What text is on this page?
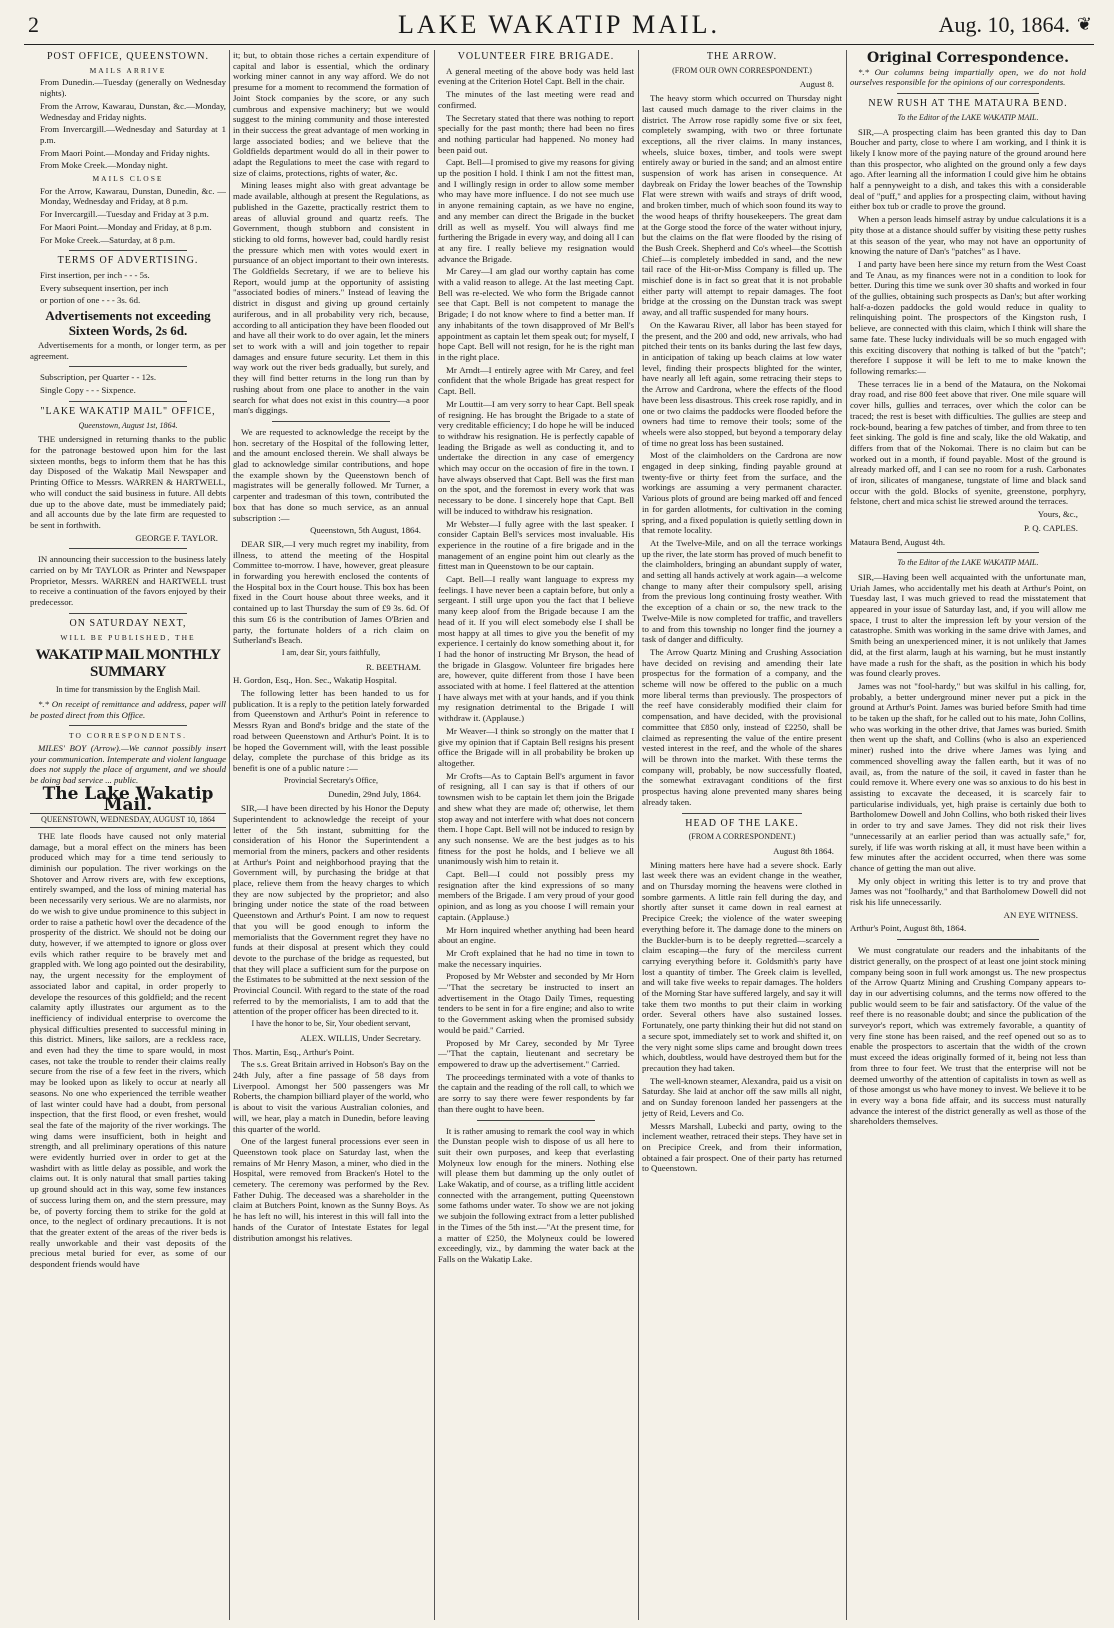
2	LAKE WAKATIP MAIL.	Aug. 10, 1864. ❦
POST OFFICE, QUEENSTOWN.
MAILS ARRIVE

From Dunedin.—Tuesday (generally on Wednesday nights).

From the Arrow, Kawarau, Dunstan, &c.—Monday, Wednesday and Friday nights.

From Invercargill.—Wednesday and Saturday at 1 p.m.

From Maori Point.—Monday and Friday nights.

From Moke Creek.—Monday night.

MAILS CLOSE

For the Arrow, Kawarau, Dunstan, Dunedin, &c. —Monday, Wednesday and Friday, at 8 p.m.

For Invercargill.—Tuesday and Friday at 3 p.m.

For Maori Point.—Monday and Friday, at 8 p.m.

For Moke Creek.—Saturday, at 8 p.m.

TERMS OF ADVERTISING.

First insertion, per inch - - - 5s.

Every subsequent insertion, per inch

or portion of one - - - 3s. 6d.

Advertisements not exceeding Sixteen Words, 2s 6d.

Advertisements for a month, or longer term, as per agreement.

Subscription, per Quarter - - 12s.

Single Copy - - - Sixpence.

"LAKE WAKATIP MAIL" OFFICE,
Queenstown, August 1st, 1864.

THE undersigned in returning thanks to the public for the patronage bestowed upon him for the last sixteen months, begs to inform them that he has this day Disposed of the Wakatip Mail Newspaper and Printing Office to Messrs. WARREN & HARTWELL, who will conduct the said business in future. All debts due up to the above date, must be immediately paid; and all accounts due by the late firm are requested to be sent in forthwith.

GEORGE F. TAYLOR.

IN announcing their succession to the business lately carried on by Mr TAYLOR as Printer and Newspaper Proprietor, Messrs. WARREN and HARTWELL trust to receive a continuation of the favors enjoyed by their predecessor.

ON SATURDAY NEXT,
WILL BE PUBLISHED, THE
WAKATIP MAIL MONTHLY SUMMARY
In time for transmission by the English Mail.

*.* On receipt of remittance and address, paper will be posted direct from this Office.

TO CORRESPONDENTS.

MILES' BOY (Arrow).—We cannot possibly insert your communication. Intemperate and violent language does not supply the place of argument, and we should be doing bad service ... public.

The Lake Wakatip Mail.
QUEENSTOWN, WEDNESDAY, AUGUST 10, 1864

THE late floods have caused not only material damage, but a moral effect on the miners has been produced which may for a time tend seriously to diminish our population. The river workings on the Shotover and Arrow rivers are, with few exceptions, entirely swamped, and the loss of mining material has been necessarily very serious. We are no alarmists, nor do we wish to give undue prominence to this subject in order to raise a pathetic howl over the decadence of the prosperity of the district. We should not be doing our duty, however, if we attempted to ignore or gloss over evils which rather require to be bravely met and grappled with. We long ago pointed out the desirability, nay, the urgent necessity for the employment of associated labor and capital, in order properly to develope the resources of this goldfield; and the recent calamity aptly illustrates our argument as to the inefficiency of individual enterprise to overcome the physical difficulties presented to successful mining in this district. Miners, like sailors, are a reckless race, and even had they the time to spare would, in most cases, not take the trouble to render their claims really secure from the rise of a few feet in the rivers, which may be looked upon as likely to occur at nearly all seasons. No one who experienced the terrible weather of last winter could have had a doubt, from personal inspection, that the first flood, or even freshet, would seal the fate of the majority of the river workings. The wing dams were insufficient, both in height and strength, and all preliminary operations of this nature were evidently hurried over in order to get at the washdirt with as little delay as possible, and work the claims out. It is only natural that small parties taking up ground should act in this way, some few instances of success luring them on, and the stern pressure, may be, of poverty forcing them to strike for the gold at once, to the neglect of ordinary precautions. It is not that the greater extent of the areas of the river beds is really unworkable and their vast deposits of the precious metal buried for ever, as some of our despondent friends would have

it; but, to obtain those riches a certain expenditure of capital and labor is essential, which the ordinary working miner cannot in any way afford. We do not presume for a moment to recommend the formation of Joint Stock companies by the score, or any such cumbrous and expensive machinery; but we would suggest to the mining community and those interested in their success the great advantage of men working in large associated bodies; and we believe that the Goldfields department would do all in their power to adapt the Regulations to meet the case with regard to size of claims, protections, rights of water, &c.

Mining leases might also with great advantage be made available, although at present the Regulations, as published in the Gazette, practically restrict them to areas of alluvial ground and quartz reefs. The Government, though stubborn and consistent in sticking to old forms, however bad, could hardly resist the pressure which men with votes would exert in pursuance of an object important to their own interests. The Goldfields Secretary, if we are to believe his Report, would jump at the opportunity of assisting "associated bodies of miners." Instead of leaving the district in disgust and giving up ground certainly auriferous, and in all probability very rich, because, according to all anticipation they have been flooded out and have all their work to do over again, let the miners set to work with a will and join together to repair damages and ensure future security. Let them in this way work out the river beds gradually, but surely, and they will find better returns in the long run than by rushing about from one place to another in the vain search for what does not exist in this country—a poor man's diggings.

We are requested to acknowledge the receipt by the hon. secretary of the Hospital of the following letter, and the amount enclosed therein. We shall always be glad to acknowledge similar contributions, and hope the example shown by the Queenstown bench of magistrates will be generally followed. Mr Turner, a carpenter and tradesman of this town, contributed the box that has done so much service, as an annual subscription :—

Queenstown, 5th August, 1864.

DEAR SIR,—I very much regret my inability, from illness, to attend the meeting of the Hospital Committee to-morrow. I have, however, great pleasure in forwarding you herewith enclosed the contents of the Hospital box in the Court house. This box has been fixed in the Court house about three weeks, and it contained up to last Thursday the sum of £9 3s. 6d. Of this sum £6 is the contribution of James O'Brien and party, the fortunate holders of a rich claim on Sutherland's Beach.

I am, dear Sir, yours faithfully,
R. BEETHAM.

H. Gordon, Esq., Hon. Sec., Wakatip Hospital.

The following letter has been handed to us for publication. It is a reply to the petition lately forwarded from Queenstown and Arthur's Point in reference to Messrs Ryan and Bond's bridge and the state of the road between Queenstown and Arthur's Point. It is to be hoped the Government will, with the least possible delay, complete the purchase of this bridge as its benefit is one of a public nature :—

Provincial Secretary's Office,
Dunedin, 29nd July, 1864.

SIR,—I have been directed by his Honor the Deputy Superintendent to acknowledge the receipt of your letter of the 5th instant, submitting for the consideration of his Honor the Superintendent a memorial from the miners, packers and other residents at Arthur's Point and neighborhood praying that the Government will, by purchasing the bridge at that place, relieve them from the heavy charges to which they are now subjected by the proprietor; and also bringing under notice the state of the road between Queenstown and Arthur's Point. I am now to request that you will be good enough to inform the memorialists that the Government regret they have no funds at their disposal at present which they could devote to the purchase of the bridge as requested, but that they will place a sufficient sum for the purpose on the Estimates to be submitted at the next session of the Provincial Council. With regard to the state of the road referred to by the memorialists, I am to add that the attention of the proper officer has been directed to it.

I have the honor to be, Sir, Your obedient servant,
ALEX. WILLIS, Under Secretary.

Thos. Martin, Esq., Arthur's Point.

The s.s. Great Britain arrived in Hobson's Bay on the 24th July, after a fine passage of 58 days from Liverpool. Amongst her 500 passengers was Mr Roberts, the champion billiard player of the world, who is about to visit the various Australian colonies, and will, we hear, play a match in Dunedin, before leaving this quarter of the world.

One of the largest funeral processions ever seen in Queenstown took place on Saturday last, when the remains of Mr Henry Mason, a miner, who died in the Hospital, were removed from Bracken's Hotel to the cemetery. The ceremony was performed by the Rev. Father Duhig. The deceased was a shareholder in the claim at Butchers Point, known as the Sunny Boys. As he has left no will, his interest in this will fall into the hands of the Curator of Intestate Estates for legal distribution amongst his relatives.

VOLUNTEER FIRE BRIGADE.

A general meeting of the above body was held last evening at the Criterion Hotel Capt. Bell in the chair.

The minutes of the last meeting were read and confirmed.

The Secretary stated that there was nothing to report specially for the past month; there had been no fires and nothing particular had happened. No money had been paid out.

Capt. Bell—I promised to give my reasons for giving up the position I hold. I think I am not the fittest man, and I willingly resign in order to allow some member who may have more influence. I do not see much use in anyone remaining captain, as we have no engine, and any member can direct the Brigade in the bucket drill as well as myself. You will always find me furthering the Brigade in every way, and doing all I can at any fire. I really believe my resignation would advance the Brigade.

Mr Carey—I am glad our worthy captain has come with a valid reason to allege. At the last meeting Capt. Bell was re-elected. We who form the Brigade cannot see that Capt. Bell is not competent to manage the Brigade; I do not know where to find a better man. If any inhabitants of the town disapproved of Mr Bell's appointment as captain let them speak out; for myself, I hope Capt. Bell will not resign, for he is the right man in the right place.

Mr Arndt—I entirely agree with Mr Carey, and feel confident that the whole Brigade has great respect for Capt. Bell.

Mr Louttit—I am very sorry to hear Capt. Bell speak of resigning. He has brought the Brigade to a state of very creditable efficiency; I do hope he will be induced to withdraw his resignation. He is perfectly capable of leading the Brigade as well as conducting it, and to undertake the direction in any case of emergency which may occur on the occasion of fire in the town. I have always observed that Capt. Bell was the first man on the spot, and the foremost in every work that was necessary to be done. I sincerely hope that Capt. Bell will be induced to withdraw his resignation.

Mr Webster—I fully agree with the last speaker. I consider Captain Bell's services most invaluable. His experience in the routine of a fire brigade and in the management of an engine point him out clearly as the fittest man in Queenstown to be our captain.

Capt. Bell—I really want language to express my feelings. I have never been a captain before, but only a sergeant. I still urge upon you the fact that I believe many keep aloof from the Brigade because I am the head of it. If you will elect somebody else I shall be most happy at all times to give you the benefit of my experience. I certainly do know something about it, for I had the honor of instructing Mr Bryson, the head of the brigade in Glasgow. Volunteer fire brigades here are, however, quite different from those I have been associated with at home. I feel flattered at the attention I have always met with at your hands, and if you think my resignation detrimental to the Brigade I will withdraw it. (Applause.)

Mr Weaver—I think so strongly on the matter that I give my opinion that if Captain Bell resigns his present office the Brigade will in all probability be broken up altogether.

Mr Crofts—As to Captain Bell's argument in favor of resigning, all I can say is that if others of our townsmen wish to be captain let them join the Brigade and shew what they are made of; otherwise, let them stop away and not interfere with what does not concern them. I hope Capt. Bell will not be induced to resign by any such nonsense. We are the best judges as to his fitness for the post he holds, and I believe we all unanimously wish him to retain it.

Capt. Bell—I could not possibly press my resignation after the kind expressions of so many members of the Brigade. I am very proud of your good opinion, and as long as you choose I will remain your captain. (Applause.)

Mr Horn inquired whether anything had been heard about an engine.

Mr Croft explained that he had no time in town to make the necessary inquiries.

Proposed by Mr Webster and seconded by Mr Horn—"That the secretary be instructed to insert an advertisement in the Otago Daily Times, requesting tenders to be sent in for a fire engine; and also to write to the Government asking when the promised subsidy would be paid." Carried.

Proposed by Mr Carey, seconded by Mr Tyree—"That the captain, lieutenant and secretary be empowered to draw up the advertisement." Carried.

The proceedings terminated with a vote of thanks to the captain and the reading of the roll call, to which we are sorry to say there were fewer respondents by far than there ought to have been.

It is rather amusing to remark the cool way in which the Dunstan people wish to dispose of us all here to suit their own purposes, and keep that everlasting Molyneux low enough for the miners. Nothing else will please them but damming up the only outlet of Lake Wakatip, and of course, as a trifling little accident connected with the arrangement, putting Queenstown some fathoms under water. To show we are not joking we subjoin the following extract from a letter published in the Times of the 5th inst.—"At the present time, for a matter of £250, the Molyneux could be lowered exceedingly, viz., by damming the water back at the Falls on the Wakatip Lake.

THE ARROW.
(FROM OUR OWN CORRESPONDENT.)
August 8.

The heavy storm which occurred on Thursday night last caused much damage to the river claims in the district. The Arrow rose rapidly some five or six feet, completely swamping, with two or three fortunate exceptions, all the river claims. In many instances, wheels, sluice boxes, timber, and tools were swept entirely away or buried in the sand; and an almost entire suspension of work has arisen in consequence. At daybreak on Friday the lower beaches of the Township Flat were strewn with waifs and strays of drift wood, and broken timber, much of which soon found its way to the wood heaps of thrifty housekeepers. The great dam at the Gorge stood the force of the water without injury, but the claims on the flat were flooded by the rising of the Bush Creek. Shepherd and Co's wheel—the Scottish Chief—is completely imbedded in sand, and the new tail race of the Hit-or-Miss Company is filled up. The mischief done is in fact so great that it is not probable either party will attempt to repair damages. The foot bridge at the crossing on the Dunstan track was swept away, and all traffic suspended for many hours.

On the Kawarau River, all labor has been stayed for the present, and the 200 and odd, new arrivals, who had pitched their tents on its banks during the last few days, in anticipation of taking up beach claims at low water level, finding their prospects blighted for the winter, have nearly all left again, some retracing their steps to the Arrow and Cardrona, where the effects of the flood have been less disastrous. This creek rose rapidly, and in one or two claims the paddocks were flooded before the owners had time to remove their tools; some of the wheels were also stopped, but beyond a temporary delay of time no great loss has been sustained.

Most of the claimholders on the Cardrona are now engaged in deep sinking, finding payable ground at twenty-five or thirty feet from the surface, and the workings are assuming a very permanent character. Various plots of ground are being marked off and fenced in for garden allotments, for cultivation in the coming spring, and a fixed population is quietly settling down in that remote locality.

At the Twelve-Mile, and on all the terrace workings up the river, the late storm has proved of much benefit to the claimholders, bringing an abundant supply of water, and setting all hands actively at work again—a welcome change to many after their compulsory spell, arising from the previous long continuing frosty weather. With the exception of a chain or so, the new track to the Twelve-Mile is now completed for traffic, and travellers to and from this township no longer find the journey a task of danger and difficulty.

The Arrow Quartz Mining and Crushing Association have decided on revising and amending their late prospectus for the formation of a company, and the scheme will now be offered to the public on a much more liberal terms than previously. The prospectors of the reef have considerably modified their claim for compensation, and have decided, with the provisional committee that £850 only, instead of £2250, shall be claimed as representing the value of the entire present vested interest in the reef, and the whole of the shares will be thrown into the market. With these terms the company will, probably, be now successfully floated, the somewhat extravagant conditions of the first prospectus having alone prevented many shares being already taken.

HEAD OF THE LAKE.
(FROM A CORRESPONDENT.)
August 8th 1864.

Mining matters here have had a severe shock. Early last week there was an evident change in the weather, and on Thursday morning the heavens were clothed in sombre garments. A little rain fell during the day, and shortly after sunset it came down in real earnest at Precipice Creek; the violence of the water sweeping everything before it. The damage done to the miners on the Buckler-burn is to be deeply regretted—scarcely a claim escaping—the fury of the merciless current carrying everything before it. Goldsmith's party have lost a quantity of timber. The Greek claim is levelled, and will take five weeks to repair damages. The holders of the Morning Star have suffered largely, and say it will take them two months to put their claim in working order. Several others have also sustained losses. Fortunately, one party thinking their hut did not stand on a secure spot, immediately set to work and shifted it, on the very night some slips came and brought down trees which, doubtless, would have destroyed them but for the precaution they had taken.

The well-known steamer, Alexandra, paid us a visit on Saturday. She laid at anchor off the saw mills all night, and on Sunday forenoon landed her passengers at the jetty of Reid, Levers and Co.

Messrs Marshall, Lubecki and party, owing to the inclement weather, retraced their steps. They have set in on Precipice Creek, and from their information, obtained a fair prospect. One of their party has returned to Queenstown.

Original Correspondence.

*.* Our columns being impartially open, we do not hold ourselves responsible for the opinions of our correspondents.

NEW RUSH AT THE MATAURA BEND.
To the Editor of the LAKE WAKATIP MAIL.

SIR,—A prospecting claim has been granted this day to Dan Boucher and party, close to where I am working, and I think it is likely I know more of the paying nature of the ground around here than this prospector, who alighted on the ground only a few days ago. After learning all the information I could give him he obtains half a pennyweight to a dish, and takes this with a considerable deal of "puff," and applies for a prospecting claim, without having either box tub or cradle to prove the ground.

When a person leads himself astray by undue calculations it is a pity those at a distance should suffer by visiting these petty rushes at this season of the year, who may not have an opportunity of knowing the nature of Dan's "patches" as I have.

I and party have been here since my return from the West Coast and Te Anau, as my finances were not in a condition to look for better. During this time we sunk over 30 shafts and worked in four of the gullies, obtaining such prospects as Dan's; but after working half-a-dozen paddocks the gold would reduce in quality to relinquishing point. The prospectors of the Kingston rush, I believe, are connected with this claim, which I think will share the same fate. These lucky individuals will be so much engaged with this exciting discovery that nothing is talked of but the "patch"; therefore I suppose it will be left to me to make known the following remarks:—

These terraces lie in a bend of the Mataura, on the Nokomai dray road, and rise 800 feet above that river. One mile square will cover hills, gullies and terraces, over which the color can be traced; the rest is beset with difficulties. The gullies are steep and rock-bound, bearing a few patches of timber, and from three to ten feet sinking. The gold is fine and scaly, like the old Wakatip, and differs from that of the Nokomai. There is no claim but can be worked out in a month, if found payable. Most of the ground is already marked off, and I can see no room for a rush. Carbonates of iron, silicates of manganese, tungstate of lime and black sand occur with the gold. Blocks of syenite, greenstone, porphyry, felstone, chert and mica schist lie strewed around the terraces.

Yours, &c.,
P. Q. CAPLES.

Mataura Bend, August 4th.

To the Editor of the LAKE WAKATIP MAIL.

SIR,—Having been well acquainted with the unfortunate man, Uriah James, who accidentally met his death at Arthur's Point, on Tuesday last, I was much grieved to read the misstatement that appeared in your issue of Saturday last, and, if you will allow me space, I trust to alter the impression left by your version of the catastrophe. Smith was working in the same drive with James, and Smith being an unexperienced miner, it is not unlikely that James did, at the first alarm, laugh at his warning, but he must instantly have made a rush for the shaft, as the position in which his body was found clearly proves.

James was not "fool-hardy," but was skilful in his calling, for, probably, a better underground miner never put a pick in the ground at Arthur's Point. James was buried before Smith had time to be taken up the shaft, for he called out to his mate, John Collins, who was working in the other drive, that James was buried. Smith then went up the shaft, and Collins (who is also an experienced miner) rushed into the drive where James was lying and commenced shovelling away the fallen earth, but it was of no avail, as, from the nature of the soil, it caved in faster than he could remove it. Where every one was so anxious to do his best in assisting to excavate the deceased, it is scarcely fair to particularise individuals, yet, high praise is certainly due both to Bartholomew Dowell and John Collins, who both risked their lives in order to try and save James. They did not risk their lives "unnecessarily at an earlier period than was actually safe," for, surely, if life was worth risking at all, it must have been within a few minutes after the accident occurred, when there was some chance of getting the man out alive.

My only object in writing this letter is to try and prove that James was not "foolhardy," and that Bartholomew Dowell did not risk his life unnecessarily.

AN EYE WITNESS.

Arthur's Point, August 8th, 1864.

We must congratulate our readers and the inhabitants of the district generally, on the prospect of at least one joint stock mining company being soon in full work amongst us. The new prospectus of the Arrow Quartz Mining and Crushing Company appears to-day in our advertising columns, and the terms now offered to the public would seem to be fair and satisfactory. Of the value of the reef there is no reasonable doubt; and since the publication of the surveyor's report, which was extremely favorable, a quantity of very fine stone has been raised, and the reef opened out so as to enable the prospectors to ascertain that the width of the crown must exceed the ideas originally formed of it, being not less than from three to four feet. We trust that the enterprise will not be deemed unworthy of the attention of capitalists in town as well as of those amongst us who have money to invest. We believe it to be in every way a bona fide affair, and its success must naturally advance the interest of the district generally as well as those of the shareholders themselves.
